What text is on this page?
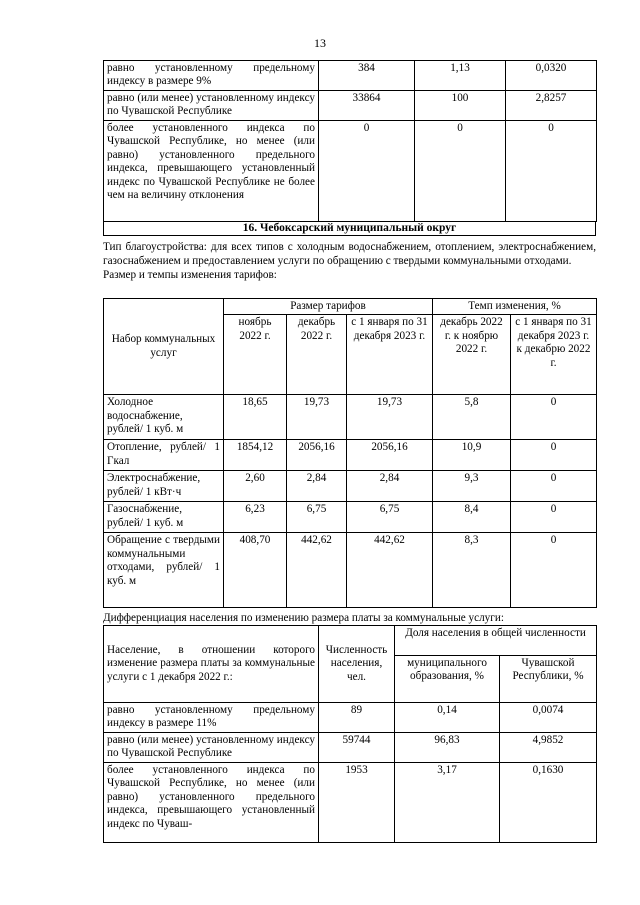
13
равно установленному предельному индексу в размере 9%	384	1,13	0,0320
равно (или менее) установленному индексу по Чувашской Республике	33864	100	2,8257
более установленного индекса по Чувашской Республике, но менее (или равно) установленного предельного индекса, превышающего установленный индекс по Чувашской Республике не более чем на величину отклонения	0	0	0
16. Чебоксарский муниципальный округ
Тип благоустройства: для всех типов с холодным водоснабжением, отоплением, электроснабжением, газоснабжением и предоставлением услуги по обращению с твердыми коммунальными отходами.
Размер и темпы изменения тарифов:
Набор коммунальных услуг	Размер тарифов			Темп изменения, %	
	ноябрь 2022 г.	декабрь 2022 г.	с 1 января по 31 декабря 2023 г.	декабрь 2022 г. к ноябрю 2022 г.	с 1 января по 31 декабря 2023 г. к декабрю 2022 г.
Холодное водоснабжение, рублей/ 1 куб. м	18,65	19,73	19,73	5,8	0
Отопление, рублей/ 1 Гкал	1854,12	2056,16	2056,16	10,9	0
Электроснабжение, рублей/ 1 кВт·ч	2,60	2,84	2,84	9,3	0
Газоснабжение, рублей/ 1 куб. м	6,23	6,75	6,75	8,4	0
Обращение с твердыми коммунальными отходами, рублей/ 1 куб. м	408,70	442,62	442,62	8,3	0
Дифференциация населения по изменению размера платы за коммунальные услуги:
Население, в отношении которого изменение размера платы за коммунальные услуги с 1 декабря 2022 г.:	Численность населения, чел.	Доля населения в общей численности	
		муниципального образования, %	Чувашской Республики, %
равно установленному предельному индексу в размере 11%	89	0,14	0,0074
равно (или менее) установленному индексу по Чувашской Республике	59744	96,83	4,9852
более установленного индекса по Чувашской Республике, но менее (или равно) установленного предельного индекса, превышающего установленный индекс по Чуваш-	1953	3,17	0,1630
